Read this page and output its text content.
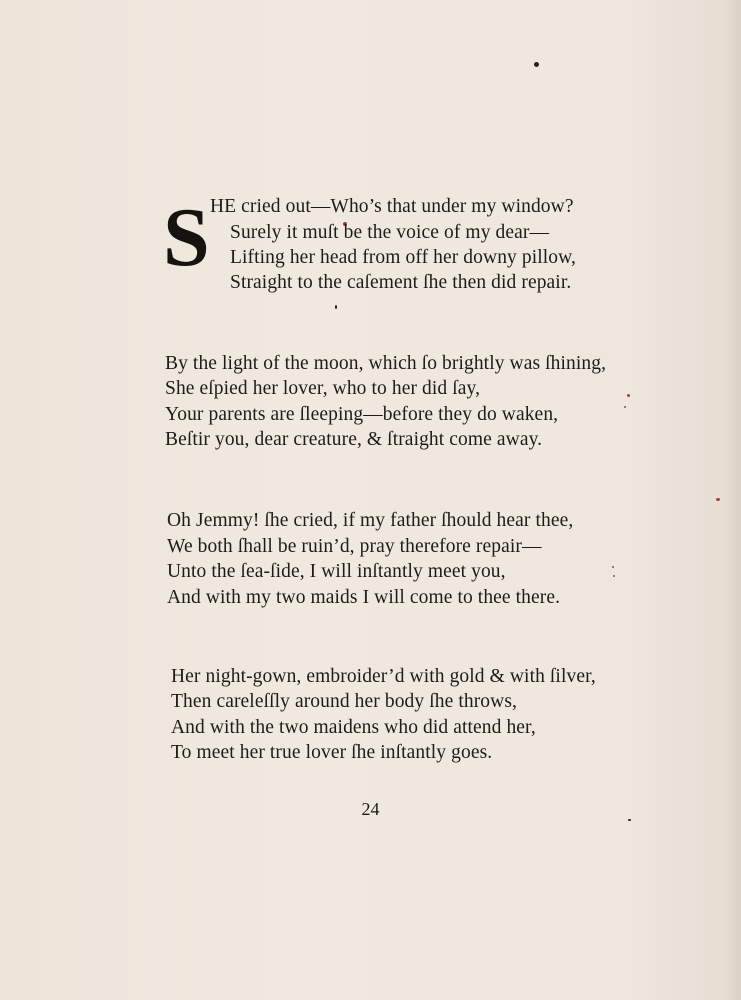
S HE cried out—Who’s that under my window?
Surely it muſt be the voice of my dear—
Lifting her head from off her downy pillow,
Straight to the caſement ſhe then did repair.
By the light of the moon, which ſo brightly was ſhining,
She eſpied her lover, who to her did ſay,
Your parents are ſleeping—before they do waken,
Beſtir you, dear creature, & ſtraight come away.
Oh Jemmy! ſhe cried, if my father ſhould hear thee,
We both ſhall be ruin’d, pray therefore repair—
Unto the ſea-ſide, I will inſtantly meet you,
And with my two maids I will come to thee there.
Her night-gown, embroider’d with gold & with ſilver,
Then careleſſly around her body ſhe throws,
And with the two maidens who did attend her,
To meet her true lover ſhe inſtantly goes.
24
